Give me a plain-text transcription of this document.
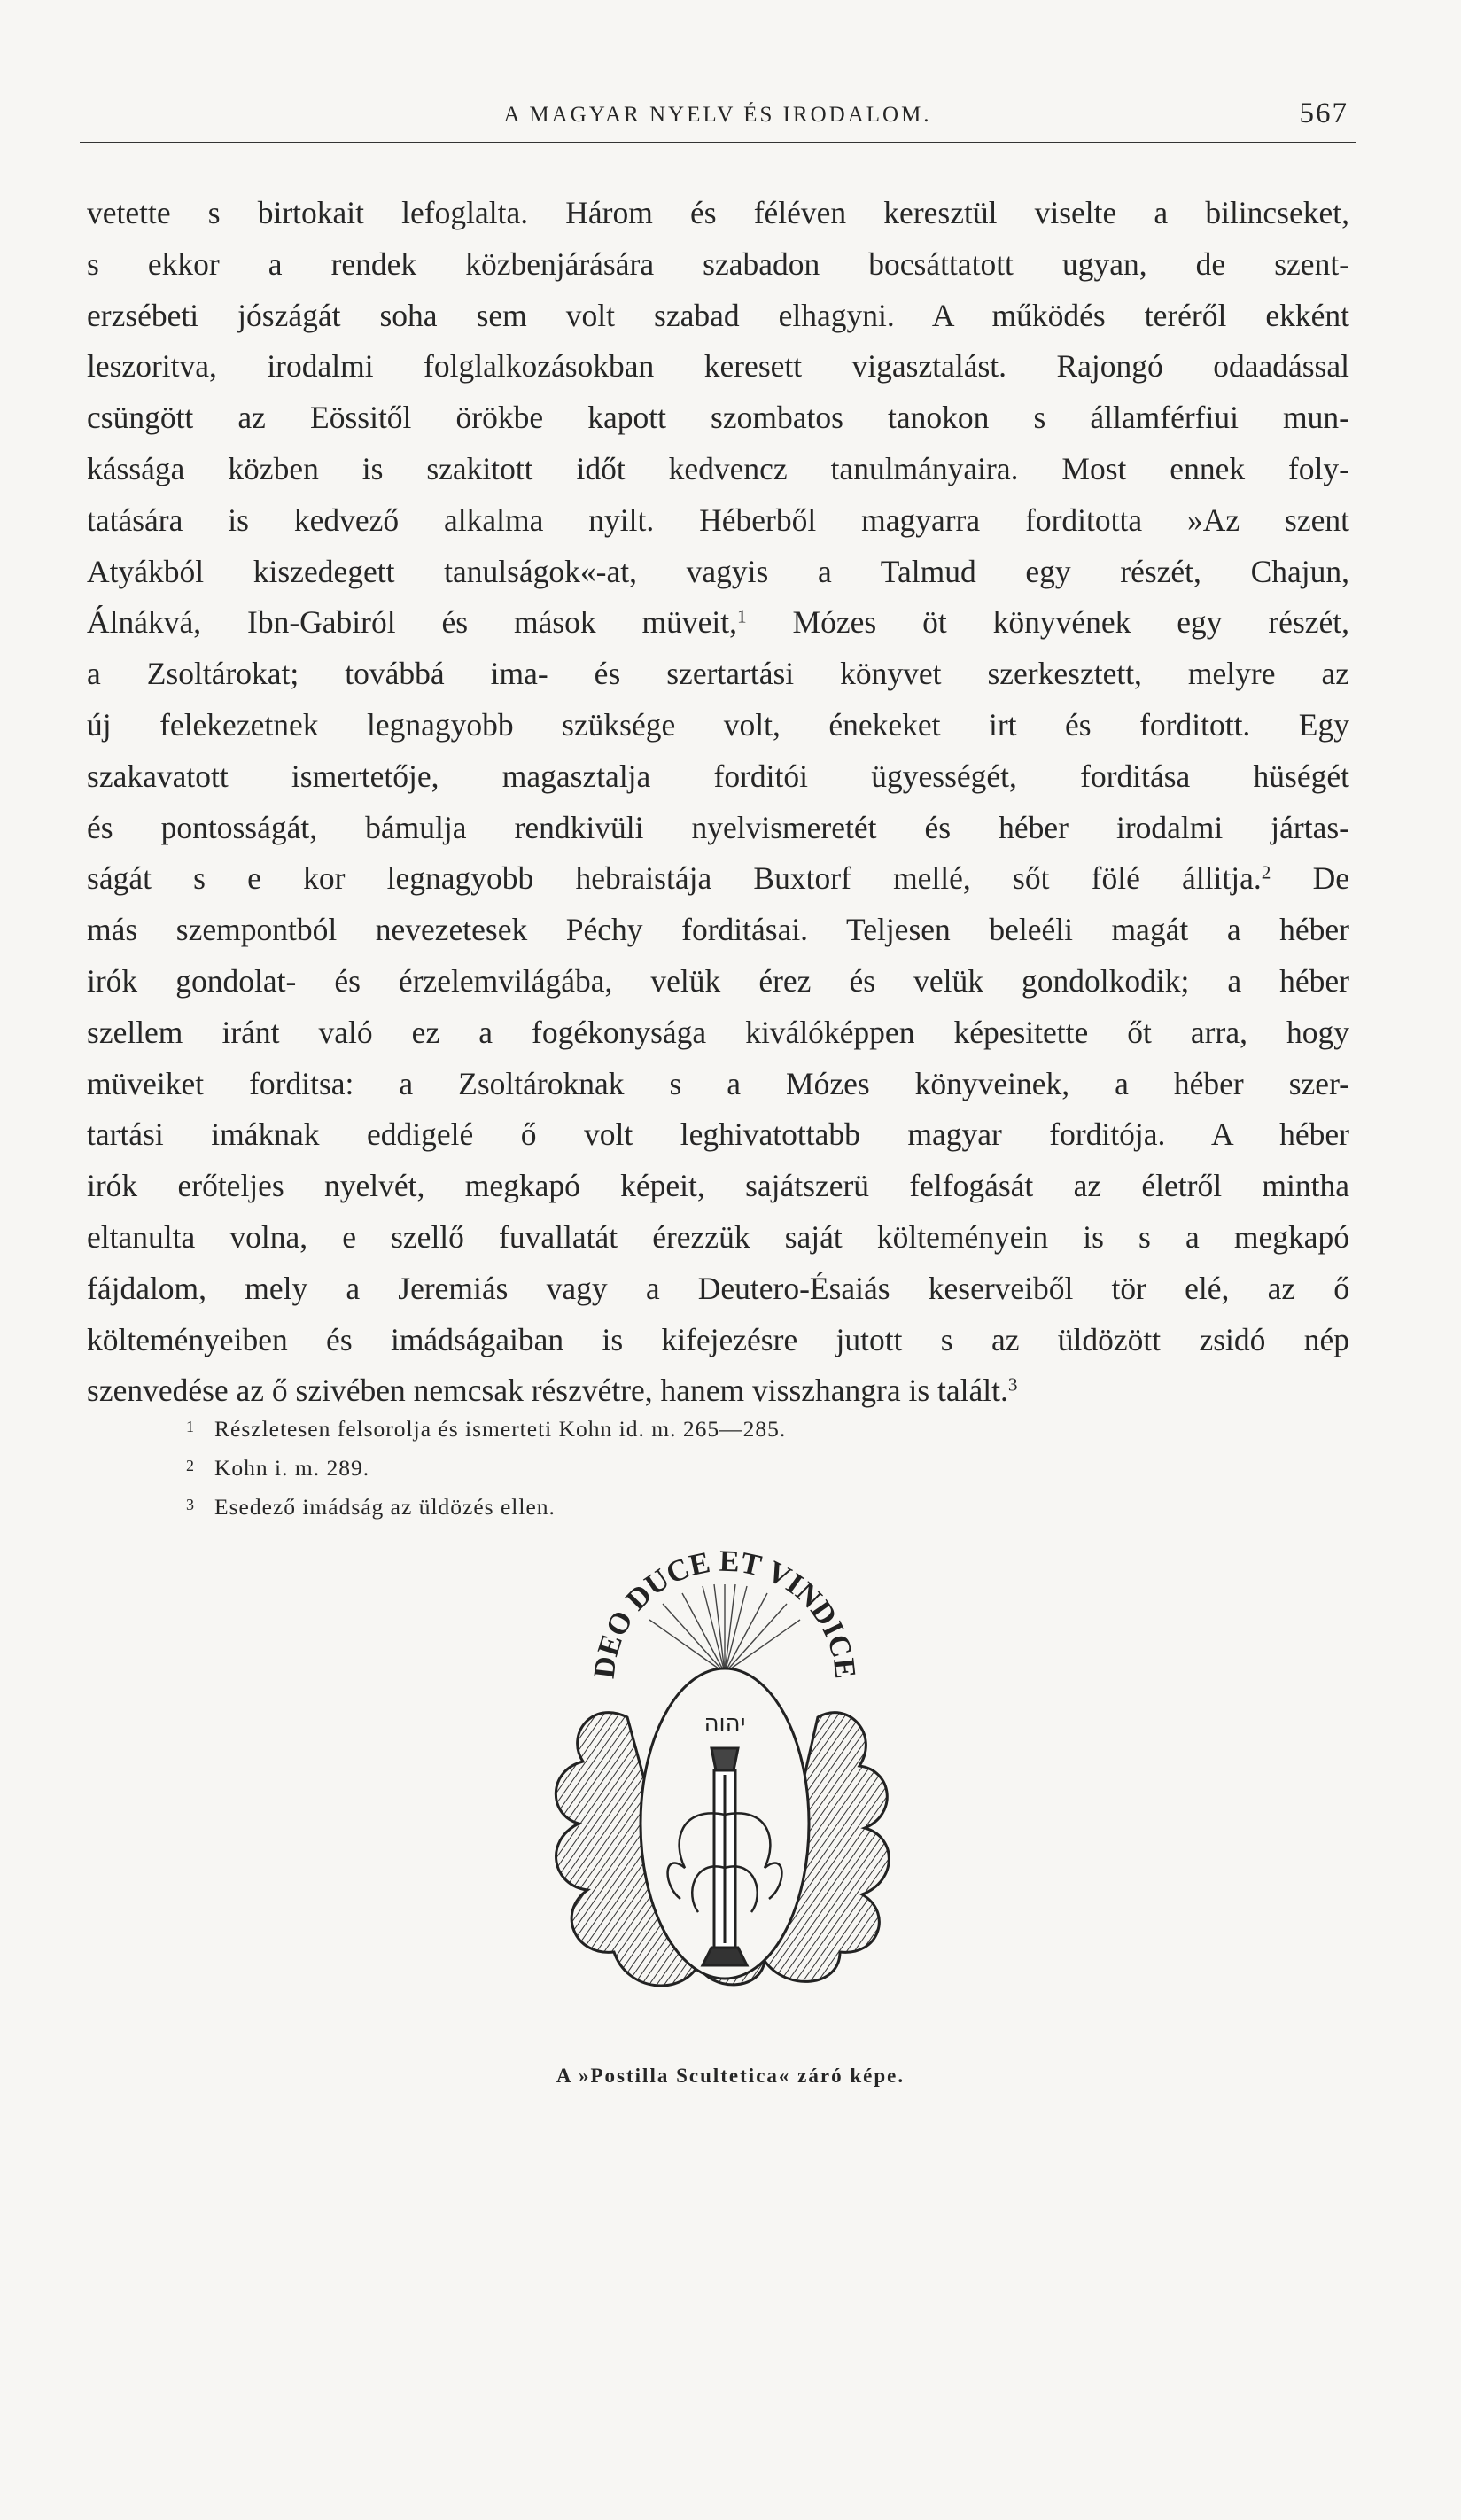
A MAGYAR NYELV ÉS IRODALOM.	567
vetette s birtokait lefoglalta. Három és féléven keresztül viselte a bilincseket,
s ekkor a rendek közbenjárására szabadon bocsáttatott ugyan, de szent-
erzsébeti jószágát soha sem volt szabad elhagyni. A működés teréről ekként
leszoritva, irodalmi folglalkozásokban keresett vigasztalást. Rajongó odaadással
csüngött az Eössitől örökbe kapott szombatos tanokon s államférfiui mun-
kássága közben is szakitott időt kedvencz tanulmányaira. Most ennek foly-
tatására is kedvező alkalma nyilt. Héberből magyarra forditotta »Az szent
Atyákból kiszedegett tanulságok«-at, vagyis a Talmud egy részét, Chajun,
Álnákvá, Ibn-Gabiról és mások müveit,$^1$ Mózes öt könyvének egy részét,
a Zsoltárokat; továbbá ima- és szertartási könyvet szerkesztett, melyre az
új felekezetnek legnagyobb szüksége volt, énekeket irt és forditott. Egy
szakavatott ismertetője, magasztalja forditói ügyességét, forditása hüségét
és pontosságát, bámulja rendkivüli nyelvismeretét és héber irodalmi jártas-
ságát s e kor legnagyobb hebraistája Buxtorf mellé, sőt fölé állitja.$^2$ De
más szempontból nevezetesek Péchy forditásai. Teljesen beleéli magát a héber
irók gondolat- és érzelemvilágába, velük érez és velük gondolkodik; a héber
szellem iránt való ez a fogékonysága kiválóképpen képesitette őt arra, hogy
müveiket forditsa: a Zsoltároknak s a Mózes könyveinek, a héber szer-
tartási imáknak eddigelé ő volt leghivatottabb magyar forditója. A héber
irók erőteljes nyelvét, megkapó képeit, sajátszerü felfogását az életről mintha
eltanulta volna, e szellő fuvallatát érezzük saját költeményein is s a megkapó
fájdalom, mely a Jeremiás vagy a Deutero-Ésaiás keserveiből tör elé, az ő
költeményeiben és imádságaiban is kifejezésre jutott s az üldözött zsidó nép
szenvedése az ő szivében nemcsak részvétre, hanem visszhangra is talált.$^3$
1 Részletesen felsorolja és ismerteti Kohn id. m. 265—285.
2 Kohn i. m. 289.
3 Esedező imádság az üldözés ellen.
DEO DUCE ET VINDICE
יהוה
A »Postilla Scultetica« záró képe.
